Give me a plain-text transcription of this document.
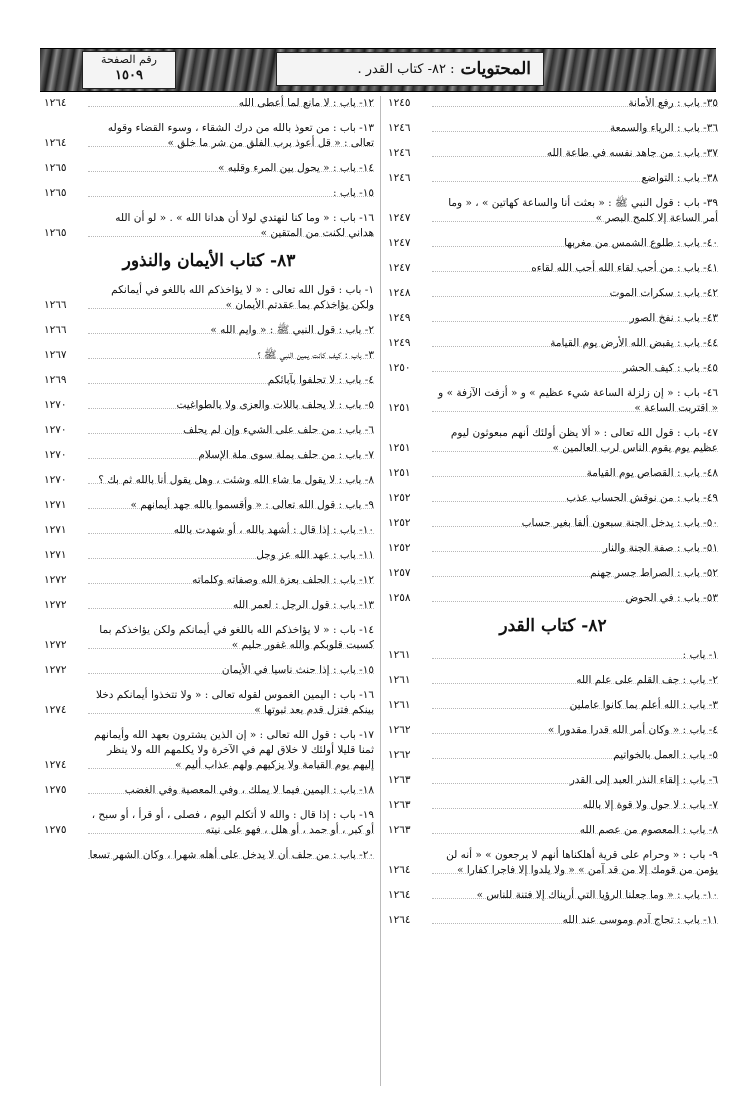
المحتويات
: ٨٢- كتاب القدر .
رقم الصفحة
١٥٠٩
٣٥- باب : رفع الأمانة
١٢٤٥
٣٦- باب : الرياء والسمعة
١٢٤٦
٣٧- باب : من جاهد نفسه في طاعة الله
١٢٤٦
٣٨- باب : التواضع
١٢٤٦
٣٩- باب : قول النبي ﷺ : « بعثت أنا والساعة كهاتين » ، « وما أمر الساعة إلا كلمح البصر »
١٢٤٧
٤٠- باب : طلوع الشمس من مغربها
١٢٤٧
٤١- باب : من أحب لقاء الله أحب الله لقاءه
١٢٤٧
٤٢- باب : سكرات الموت
١٢٤٨
٤٣- باب : نفخ الصور
١٢٤٩
٤٤- باب : يقبض الله الأرض يوم القيامة
١٢٤٩
٤٥- باب : كيف الحشر
١٢٥٠
٤٦- باب : « إن زلزلة الساعة شيء عظيم » و « أزفت الآزفة » و « اقتربت الساعة »
١٢٥١
٤٧- باب : قول الله تعالى : « ألا يظن أولئك أنهم مبعوثون ليوم عظيم يوم يقوم الناس لرب العالمين »
١٢٥١
٤٨- باب : القصاص يوم القيامة
١٢٥١
٤٩- باب : من نوقش الحساب عذب
١٢٥٢
٥٠- باب : يدخل الجنة سبعون ألفا بغير حساب
١٢٥٢
٥١- باب : صفة الجنة والنار
١٢٥٢
٥٢- باب : الصراط جسر جهنم
١٢٥٧
٥٣- باب : في الحوض
١٢٥٨
٨٢- كتاب القدر
١- باب :
١٢٦١
٢- باب : جف القلم على علم الله
١٢٦١
٣- باب : الله أعلم بما كانوا عاملين
١٢٦١
٤- باب : « وكان أمر الله قدرا مقدورا »
١٢٦٢
٥- باب : العمل بالخواتيم
١٢٦٢
٦- باب : إلقاء النذر العبد إلى القدر
١٢٦٣
٧- باب : لا حول ولا قوة إلا بالله
١٢٦٣
٨- باب : المعصوم من عصم الله
١٢٦٣
٩- باب : « وحرام على قرية أهلكناها أنهم لا يرجعون » « أنه لن يؤمن من قومك إلا من قد آمن » « ولا يلدوا إلا فاجرا كفارا »
١٢٦٤
١٠- باب : « وما جعلنا الرؤيا التي أريناك إلا فتنة للناس »
١٢٦٤
١١- باب : تحاج آدم وموسى عند الله
١٢٦٤
١٢- باب : لا مانع لما أعطى الله
١٢٦٤
١٣- باب : من تعوذ بالله من درك الشقاء ، وسوء القضاء وقوله تعالى : « قل أعوذ برب الفلق من شر ما خلق »
١٢٦٤
١٤- باب : « يحول بين المرء وقلبه »
١٢٦٥
١٥- باب :
١٢٦٥
١٦- باب : « وما كنا لنهتدي لولا أن هدانا الله » . « لو أن الله هداني لكنت من المتقين »
١٢٦٥
٨٣- كتاب الأيمان والنذور
١- باب : قول الله تعالى : « لا يؤاخذكم الله باللغو في أيمانكم ولكن يؤاخذكم بما عقدتم الأيمان »
١٢٦٦
٢- باب : قول النبي ﷺ : « وايم الله »
١٢٦٦
٣- باب : كيف كانت يمين النبي ﷺ ؟
١٢٦٧
٤- باب : لا تحلفوا بآبائكم
١٢٦٩
٥- باب : لا يحلف باللات والعزى ولا بالطواغيت
١٢٧٠
٦- باب : من حلف على الشيء وإن لم يحلف
١٢٧٠
٧- باب : من حلف بملة سوى ملة الإسلام
١٢٧٠
٨- باب : لا يقول ما شاء الله وشئت ، وهل يقول أنا بالله ثم بك ؟
١٢٧٠
٩- باب : قول الله تعالى : « وأقسموا بالله جهد أيمانهم »
١٢٧١
١٠- باب : إذا قال : أشهد بالله ، أو شهدت بالله
١٢٧١
١١- باب : عهد الله عز وجل
١٢٧١
١٢- باب : الحلف بعزة الله وصفاته وكلماته
١٢٧٢
١٣- باب : قول الرجل : لعمر الله
١٢٧٢
١٤- باب : « لا يؤاخذكم الله باللغو في أيمانكم ولكن يؤاخذكم بما كسبت قلوبكم والله غفور حليم »
١٢٧٢
١٥- باب : إذا حنث ناسيا في الأيمان
١٢٧٢
١٦- باب : اليمين الغموس لقوله تعالى : « ولا تتخذوا أيمانكم دخلا بينكم فتزل قدم بعد ثبوتها »
١٢٧٤
١٧- باب : قول الله تعالى : « إن الذين يشترون بعهد الله وأيمانهم ثمنا قليلا أولئك لا خلاق لهم في الآخرة ولا يكلمهم الله ولا ينظر إليهم يوم القيامة ولا يزكيهم ولهم عذاب أليم »
١٢٧٤
١٨- باب : اليمين فيما لا يملك ، وفي المعصية وفي الغضب
١٢٧٥
١٩- باب : إذا قال : والله لا أتكلم اليوم ، فصلى ، أو قرأ ، أو سبح ، أو كبر ، أو حمد ، أو هلل ، فهو على نيته
١٢٧٥
٢٠- باب : من حلف أن لا يدخل على أهله شهرا ، وكان الشهر تسعا
